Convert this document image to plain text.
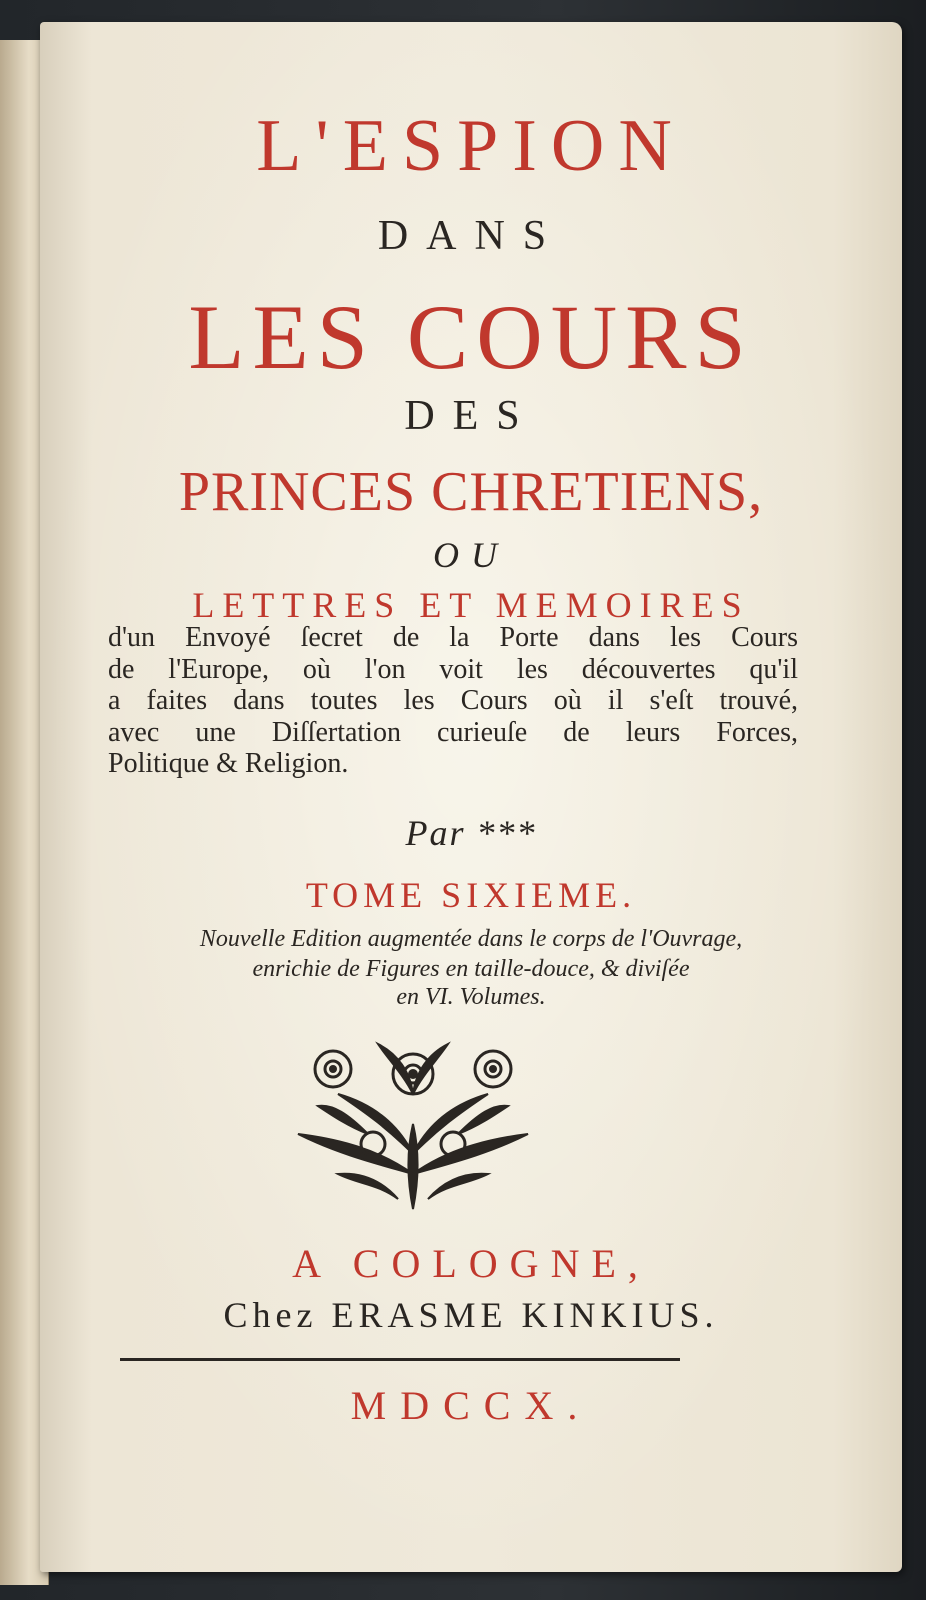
L'ESPION
DANS
LES COURS
DES
PRINCES CHRETIENS,
OU
LETTRES ET MEMOIRES
d'un Envoyé ſecret de la Porte dans les Cours
de l'Europe, où l'on voit les découvertes qu'il
a faites dans toutes les Cours où il s'eſt trouvé,
avec une Diſſertation curieuſe de leurs Forces,
Politique & Religion.
Par ***
TOME SIXIEME.
Nouvelle Edition augmentée dans le corps de l'Ouvrage,
enrichie de Figures en taille-douce, & diviſée
en VI. Volumes.
A COLOGNE,
Chez ERASME KINKIUS.
MDCCX.
